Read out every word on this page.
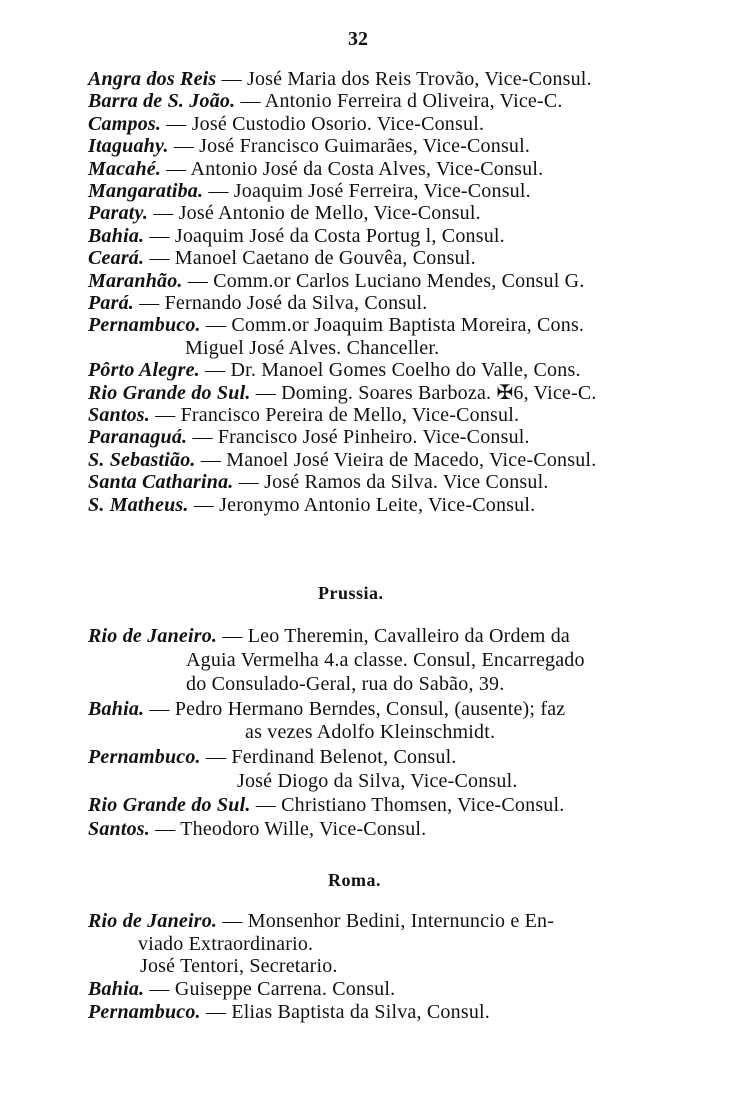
32
Angra dos Reis — José Maria dos Reis Trovão, Vice-Consul.
Barra de S. João. — Antonio Ferreira d Oliveira, Vice-C.
Campos. — José Custodio Osorio. Vice-Consul.
Itaguahy. — José Francisco Guimarães, Vice-Consul.
Macahé. — Antonio José da Costa Alves, Vice-Consul.
Mangaratiba. — Joaquim José Ferreira, Vice-Consul.
Paraty. — José Antonio de Mello, Vice-Consul.
Bahia. — Joaquim José da Costa Portug l, Consul.
Ceará. — Manoel Caetano de Gouvêa, Consul.
Maranhão. — Comm.or Carlos Luciano Mendes, Consul G.
Pará. — Fernando José da Silva, Consul.
Pernambuco. — Comm.or Joaquim Baptista Moreira, Cons.
Miguel José Alves. Chanceller.
Pôrto Alegre. — Dr. Manoel Gomes Coelho do Valle, Cons.
Rio Grande do Sul. — Doming. Soares Barboza. ✠6, Vice-C.
Santos. — Francisco Pereira de Mello, Vice-Consul.
Paranaguá. — Francisco José Pinheiro. Vice-Consul.
S. Sebastião. — Manoel José Vieira de Macedo, Vice-Consul.
Santa Catharina. — José Ramos da Silva. Vice Consul.
S. Matheus. — Jeronymo Antonio Leite, Vice-Consul.
Prussia.
Rio de Janeiro. — Leo Theremin, Cavalleiro da Ordem da
Aguia Vermelha 4.a classe. Consul, Encarregado
do Consulado-Geral, rua do Sabão, 39.
Bahia. — Pedro Hermano Berndes, Consul, (ausente); faz
as vezes Adolfo Kleinschmidt.
Pernambuco. — Ferdinand Belenot, Consul.
José Diogo da Silva, Vice-Consul.
Rio Grande do Sul. — Christiano Thomsen, Vice-Consul.
Santos. — Theodoro Wille, Vice-Consul.
Roma.
Rio de Janeiro. — Monsenhor Bedini, Internuncio e En-
viado Extraordinario.
José Tentori, Secretario.
Bahia. — Guiseppe Carrena. Consul.
Pernambuco. — Elias Baptista da Silva, Consul.
